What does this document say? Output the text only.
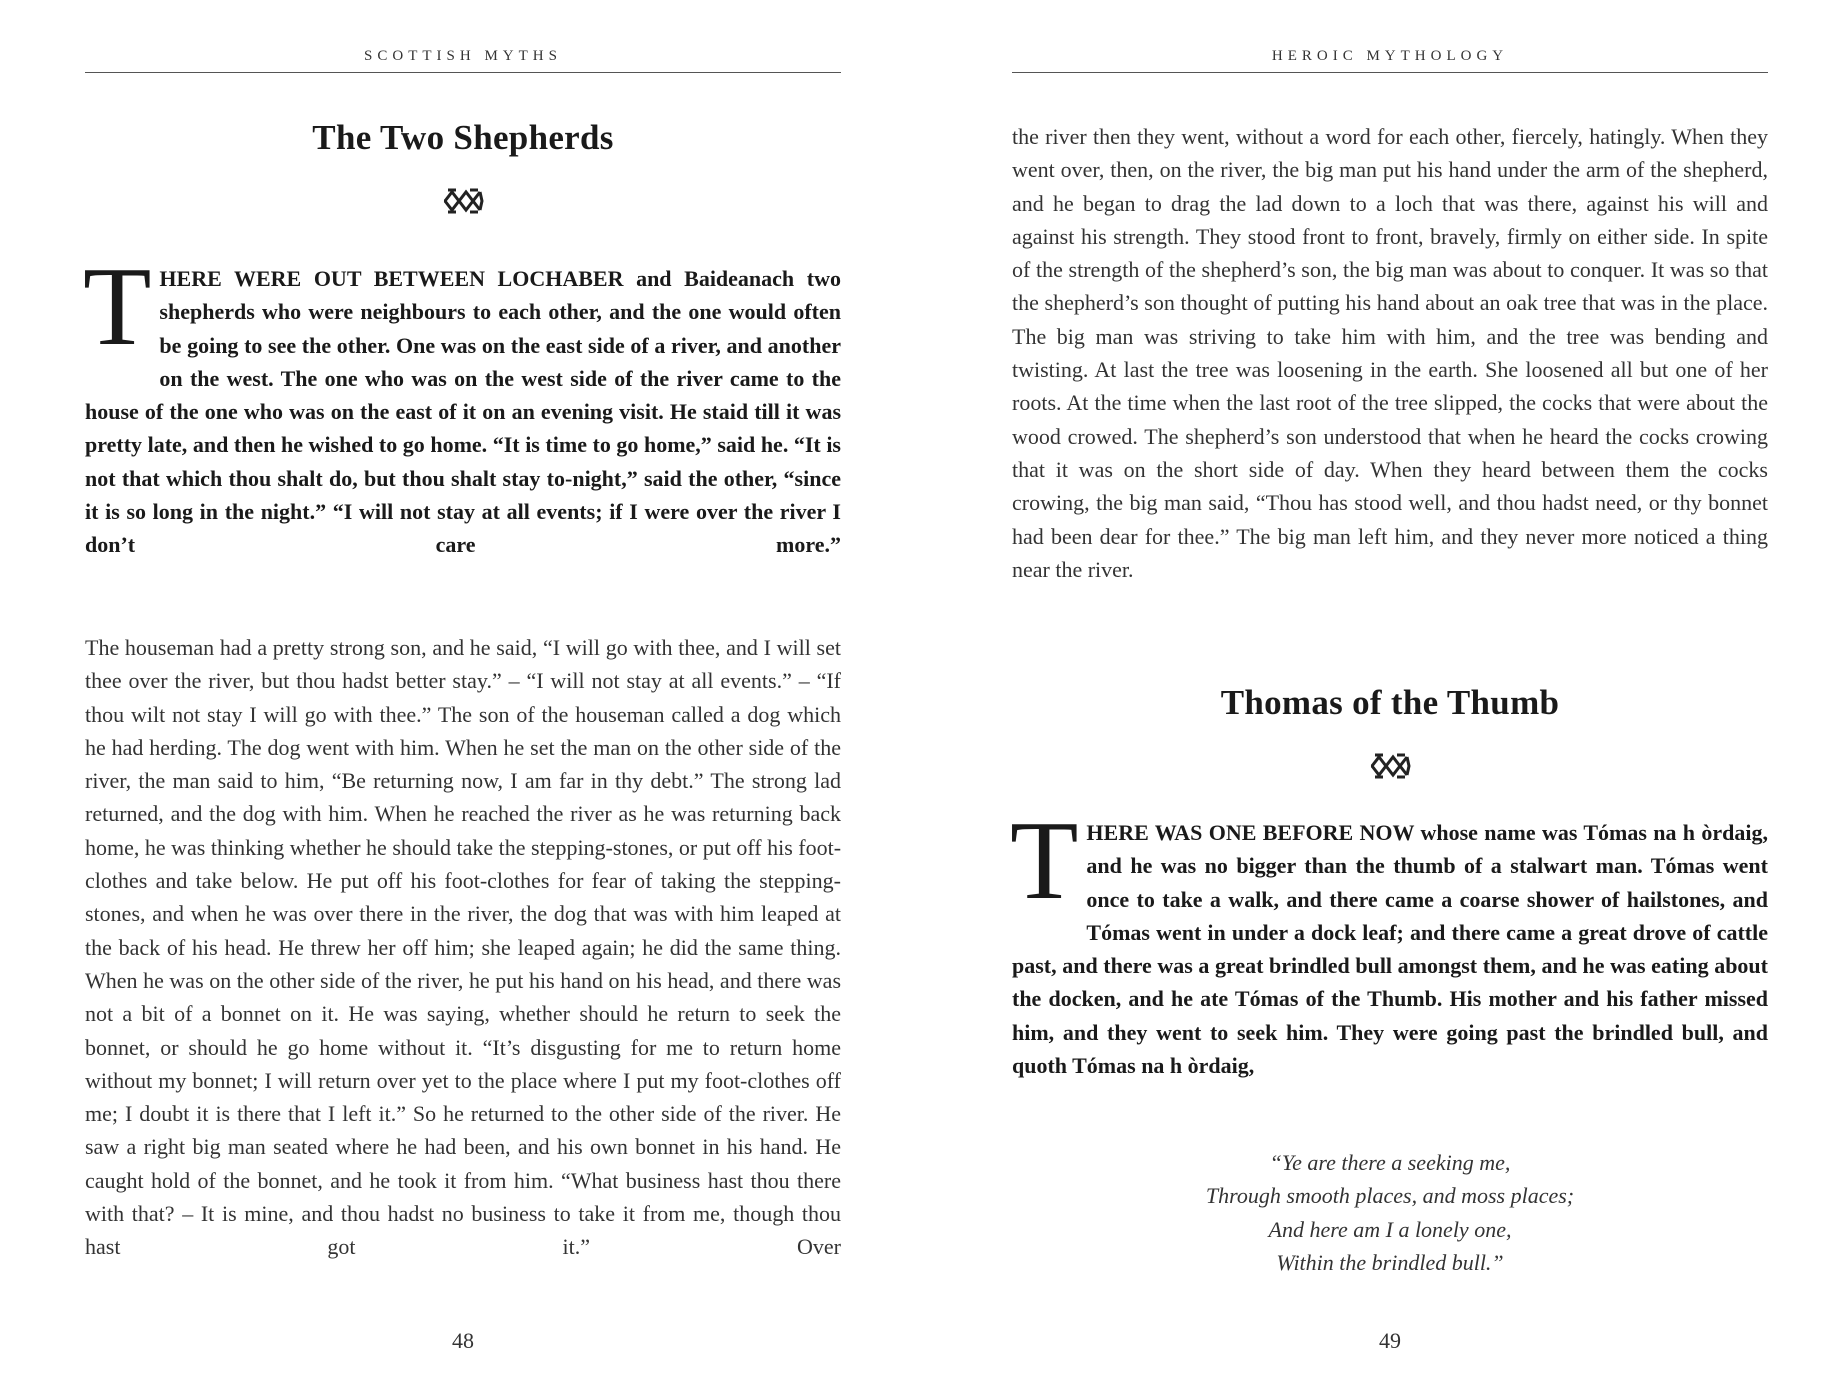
SCOTTISH MYTHS
The Two Shepherds

THERE WERE OUT BETWEEN LOCHABER and Baideanach two shepherds who were neighbours to each other, and the one would often be going to see the other. One was on the east side of a river, and another on the west. The one who was on the west side of the river came to the house of the one who was on the east of it on an evening visit. He staid till it was pretty late, and then he wished to go home. “It is time to go home,” said he. “It is not that which thou shalt do, but thou shalt stay to-night,” said the other, “since it is so long in the night.” “I will not stay at all events; if I were over the river I don’t care more.”

The houseman had a pretty strong son, and he said, “I will go with thee, and I will set thee over the river, but thou hadst better stay.” – “I will not stay at all events.” – “If thou wilt not stay I will go with thee.” The son of the houseman called a dog which he had herding. The dog went with him. When he set the man on the other side of the river, the man said to him, “Be returning now, I am far in thy debt.” The strong lad returned, and the dog with him. When he reached the river as he was returning back home, he was thinking whether he should take the stepping-stones, or put off his foot-clothes and take below. He put off his foot-clothes for fear of taking the stepping-stones, and when he was over there in the river, the dog that was with him leaped at the back of his head. He threw her off him; she leaped again; he did the same thing. When he was on the other side of the river, he put his hand on his head, and there was not a bit of a bonnet on it. He was saying, whether should he return to seek the bonnet, or should he go home without it. “It’s disgusting for me to return home without my bonnet; I will return over yet to the place where I put my foot-clothes off me; I doubt it is there that I left it.” So he returned to the other side of the river. He saw a right big man seated where he had been, and his own bonnet in his hand. He caught hold of the bonnet, and he took it from him. “What business hast thou there with that? – It is mine, and thou hadst no business to take it from me, though thou hast got it.” Over

48
HEROIC MYTHOLOGY

the river then they went, without a word for each other, fiercely, hatingly. When they went over, then, on the river, the big man put his hand under the arm of the shepherd, and he began to drag the lad down to a loch that was there, against his will and against his strength. They stood front to front, bravely, firmly on either side. In spite of the strength of the shepherd’s son, the big man was about to conquer. It was so that the shepherd’s son thought of putting his hand about an oak tree that was in the place. The big man was striving to take him with him, and the tree was bending and twisting. At last the tree was loosening in the earth. She loosened all but one of her roots. At the time when the last root of the tree slipped, the cocks that were about the wood crowed. The shepherd’s son understood that when he heard the cocks crowing that it was on the short side of day. When they heard between them the cocks crowing, the big man said, “Thou has stood well, and thou hadst need, or thy bonnet had been dear for thee.” The big man left him, and they never more noticed a thing near the river.

Thomas of the Thumb

THERE WAS ONE BEFORE NOW whose name was Tómas na h òrdaig, and he was no bigger than the thumb of a stalwart man. Tómas went once to take a walk, and there came a coarse shower of hailstones, and Tómas went in under a dock leaf; and there came a great drove of cattle past, and there was a great brindled bull amongst them, and he was eating about the docken, and he ate Tómas of the Thumb. His mother and his father missed him, and they went to seek him. They were going past the brindled bull, and quoth Tómas na h òrdaig,

“Ye are there a seeking me,
Through smooth places, and moss places;
And here am I a lonely one,
Within the brindled bull.”
49
